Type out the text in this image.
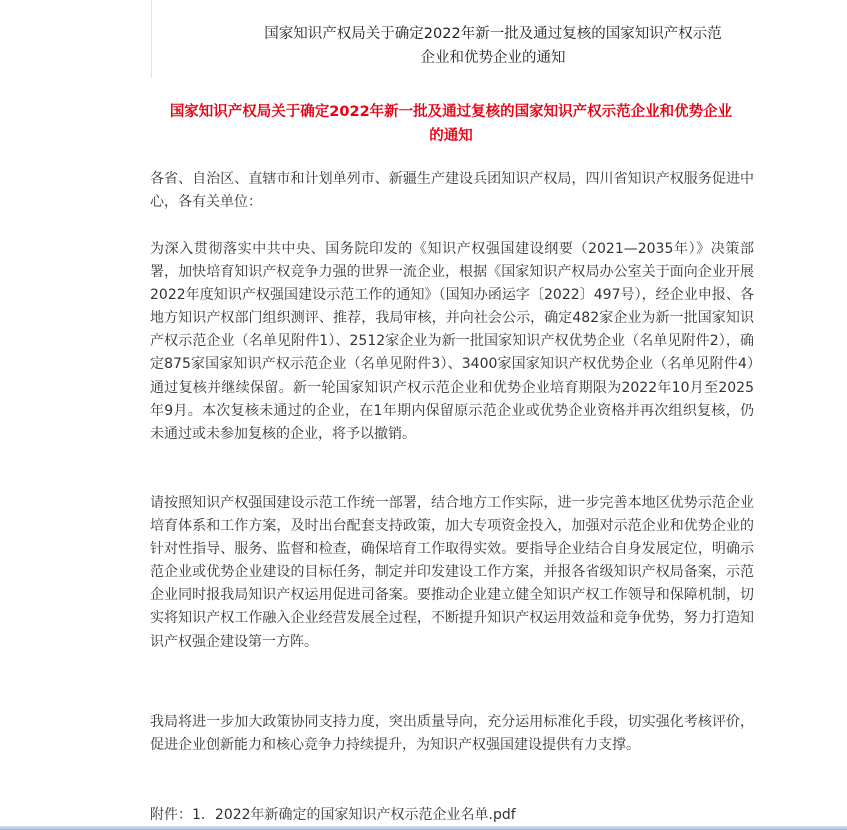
国家知识产权局关于确定2022年新一批及通过复核的国家知识产权示范
企业和优势企业的通知
国家知识产权局关于确定2022年新一批及通过复核的国家知识产权示范企业和优势企业
的通知

各省、自治区、直辖市和计划单列市、新疆生产建设兵团知识产权局，四川省知识产权服务促进中心，各有关单位：

为深入贯彻落实中共中央、国务院印发的《知识产权强国建设纲要（2021—2035年）》决策部署，加快培育知识产权竞争力强的世界一流企业，根据《国家知识产权局办公室关于面向企业开展2022年度知识产权强国建设示范工作的通知》（国知办函运字〔2022〕497号），经企业申报、各地方知识产权部门组织测评、推荐，我局审核，并向社会公示，确定482家企业为新一批国家知识产权示范企业（名单见附件1）、2512家企业为新一批国家知识产权优势企业（名单见附件2），确定875家国家知识产权示范企业（名单见附件3）、3400家国家知识产权优势企业（名单见附件4）通过复核并继续保留。新一轮国家知识产权示范企业和优势企业培育期限为2022年10月至2025年9月。本次复核未通过的企业，在1年期内保留原示范企业或优势企业资格并再次组织复核，仍未通过或未参加复核的企业，将予以撤销。

请按照知识产权强国建设示范工作统一部署，结合地方工作实际，进一步完善本地区优势示范企业培育体系和工作方案，及时出台配套支持政策，加大专项资金投入，加强对示范企业和优势企业的针对性指导、服务、监督和检查，确保培育工作取得实效。要指导企业结合自身发展定位，明确示范企业或优势企业建设的目标任务，制定并印发建设工作方案，并报各省级知识产权局备案，示范企业同时报我局知识产权运用促进司备案。要推动企业建立健全知识产权工作领导和保障机制，切实将知识产权工作融入企业经营发展全过程，不断提升知识产权运用效益和竞争优势，努力打造知识产权强企建设第一方阵。

我局将进一步加大政策协同支持力度，突出质量导向，充分运用标准化手段，切实强化考核评价，促进企业创新能力和核心竞争力持续提升，为知识产权强国建设提供有力支撑。

附件：1．2022年新确定的国家知识产权示范企业名单.pdf
